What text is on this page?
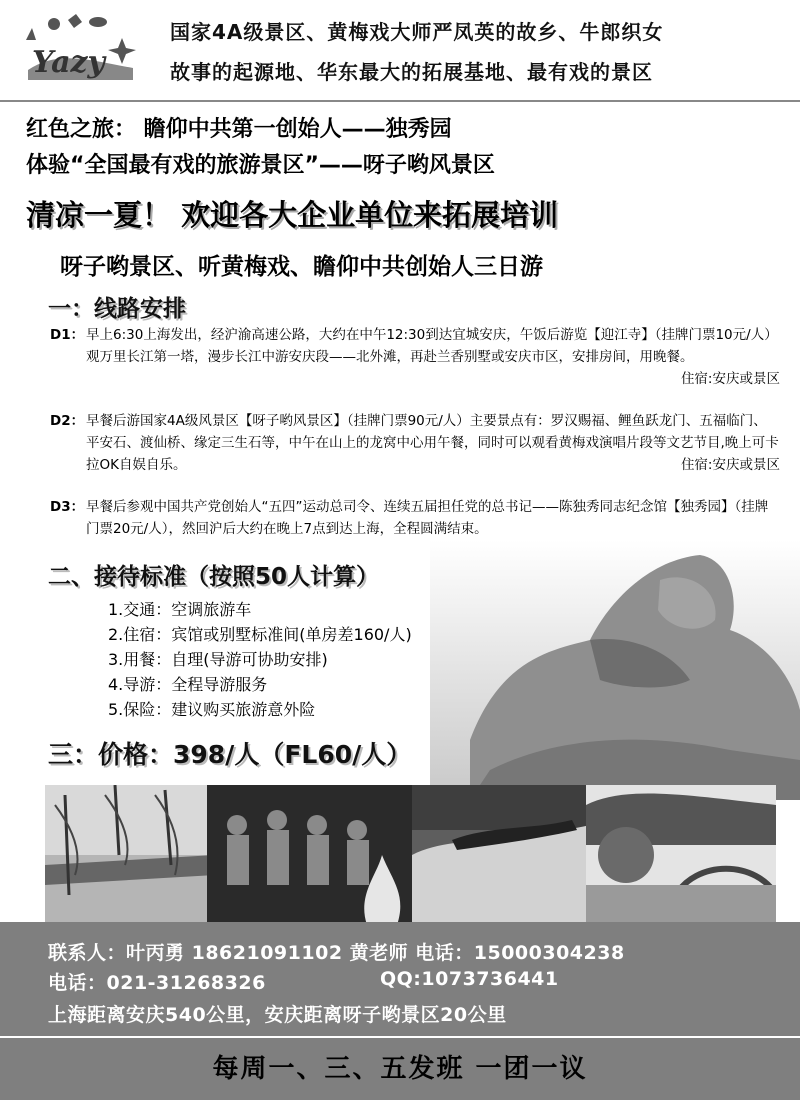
Yazy
国家4A级景区、黄梅戏大师严凤英的故乡、牛郎织女
故事的起源地、华东最大的拓展基地、最有戏的景区
红色之旅： 瞻仰中共第一创始人——独秀园
体验“全国最有戏的旅游景区”——呀子哟风景区
清凉一夏！ 欢迎各大企业单位来拓展培训
呀子哟景区、听黄梅戏、瞻仰中共创始人三日游
一：线路安排
D1： 早上6:30上海发出，经沪渝高速公路，大约在中午12:30到达宜城安庆，午饭后游览【迎江寺】（挂牌门票10元/人）观万里长江第一塔，漫步长江中游安庆段——北外滩，再赴兰香别墅或安庆市区，安排房间，用晚餐。
住宿:安庆或景区
D2： 早餐后游国家4A级风景区【呀子哟风景区】（挂牌门票90元/人）主要景点有：罗汉赐福、鲤鱼跃龙门、五福临门、平安石、渡仙桥、缘定三生石等，中午在山上的龙窝中心用午餐，同时可以观看黄梅戏演唱片段等文艺节目,晚上可卡拉OK自娱自乐。	住宿:安庆或景区
D3： 早餐后参观中国共产党创始人“五四”运动总司令、连续五届担任党的总书记——陈独秀同志纪念馆【独秀园】（挂牌门票20元/人），然回沪后大约在晚上7点到达上海，全程圆满结束。
二、接待标准（按照50人计算）
1.交通：空调旅游车
2.住宿：宾馆或别墅标准间(单房差160/人)
3.用餐：自理(导游可协助安排)
4.导游：全程导游服务
5.保险：建议购买旅游意外险
三：价格：398/人（FL60/人）
联系人：叶丙勇 18621091102 黄老师 电话：15000304238
电话：021-31268326	QQ:1073736441
上海距离安庆540公里，安庆距离呀子哟景区20公里
每周一、三、五发班 一团一议
